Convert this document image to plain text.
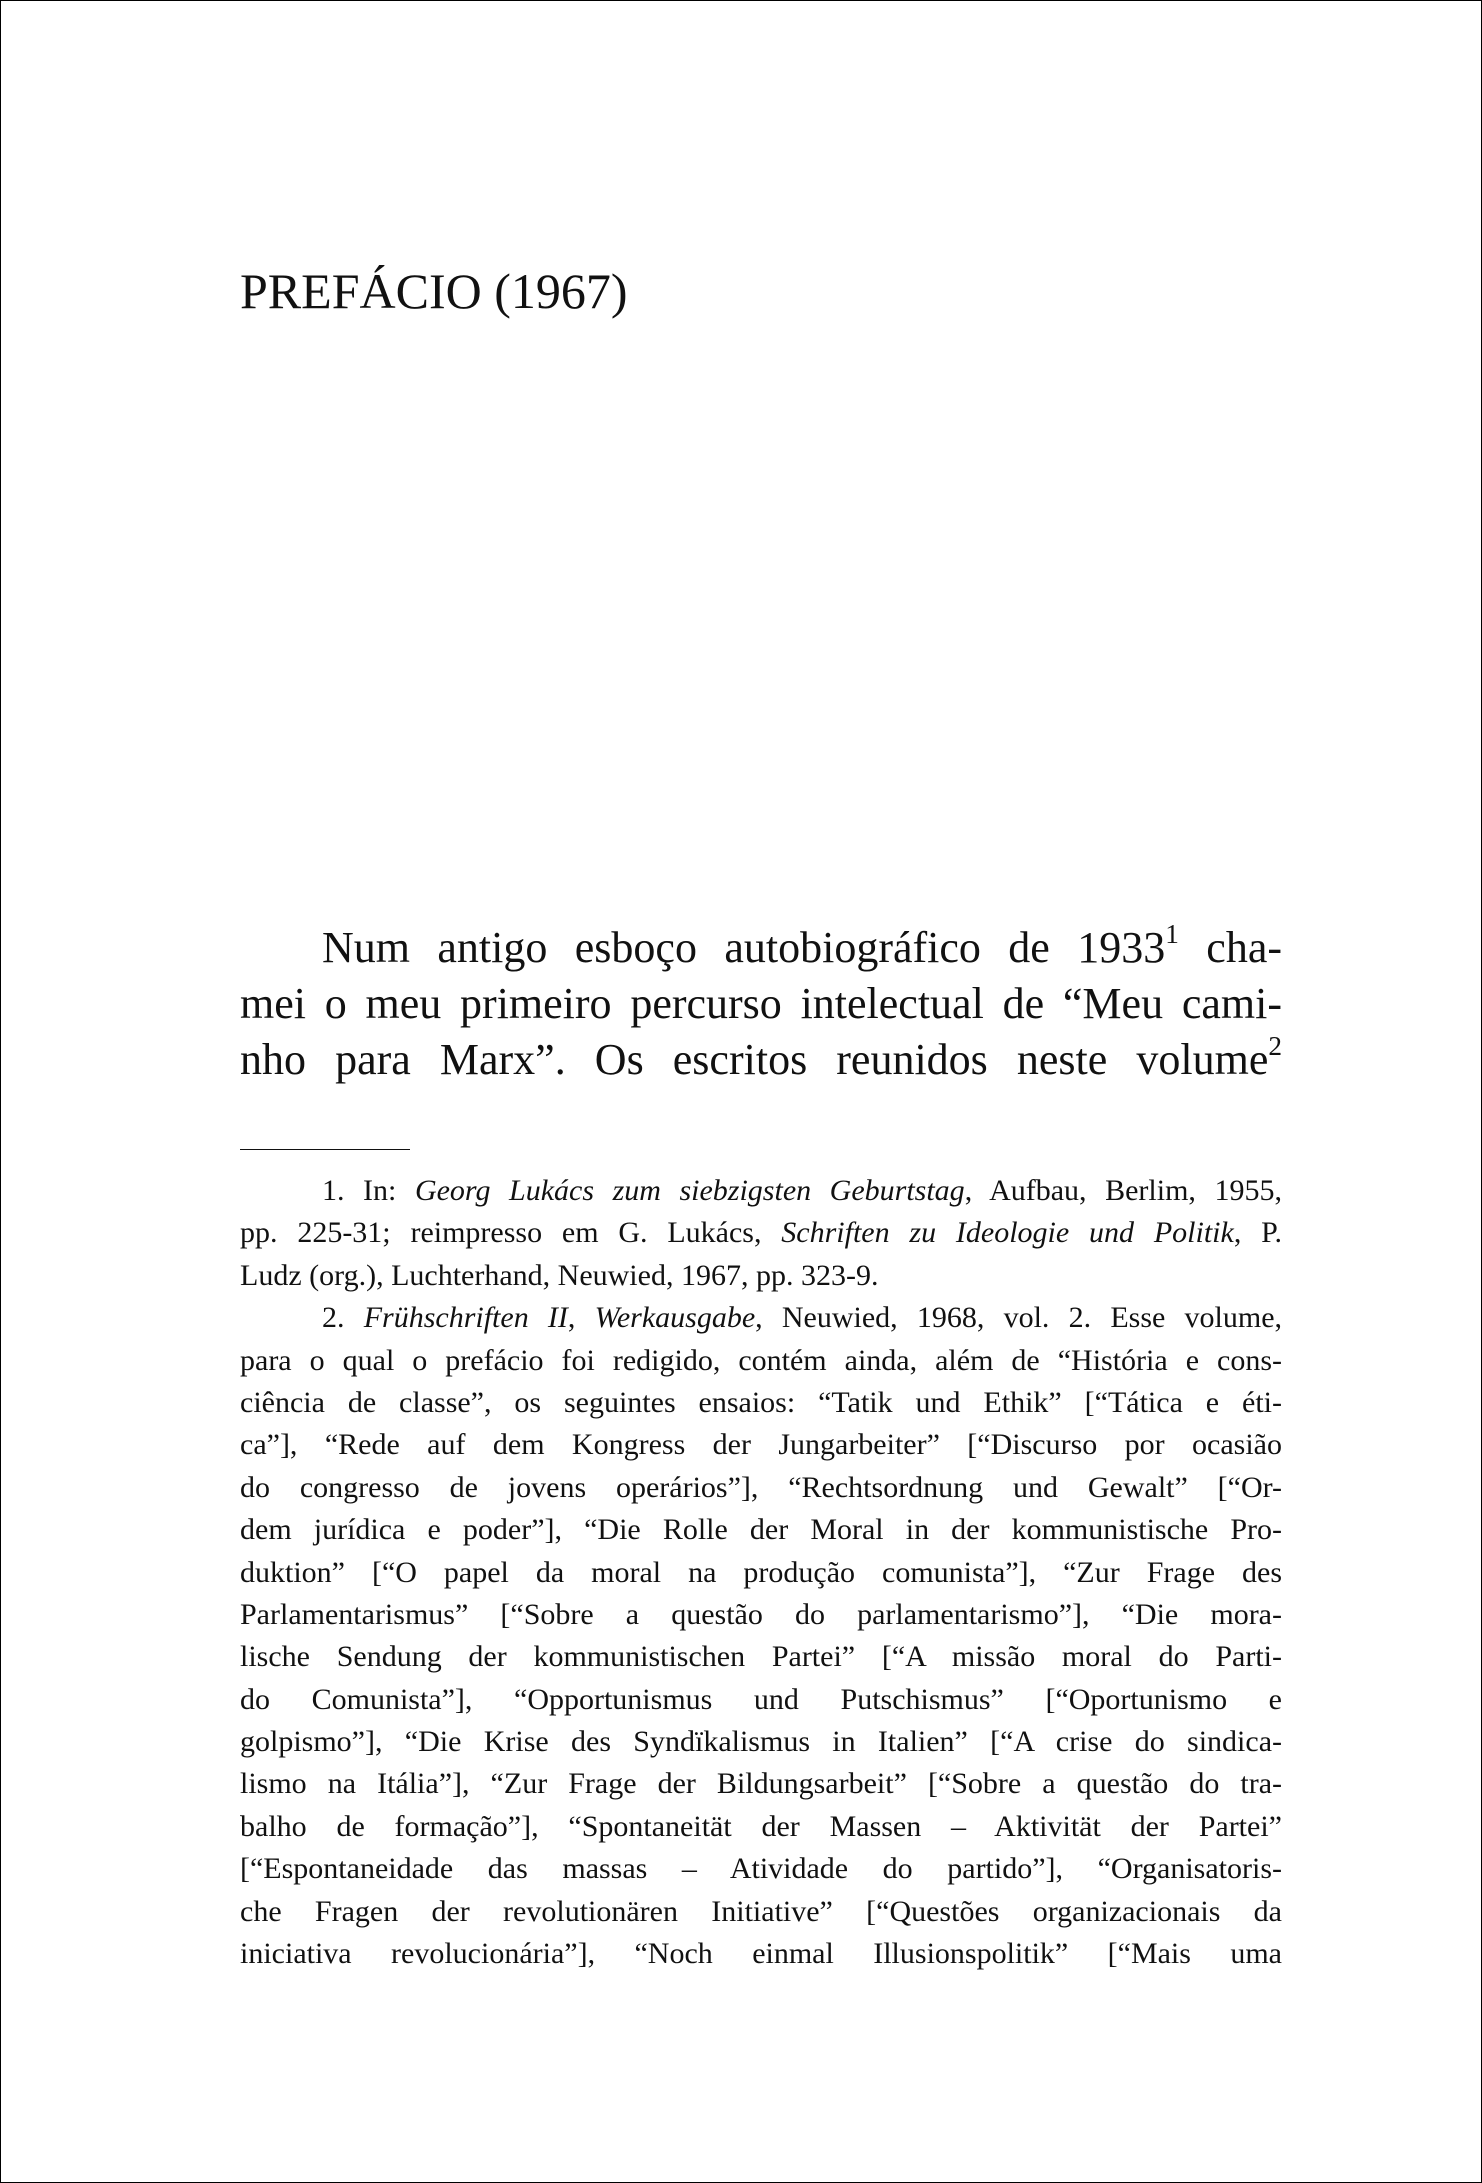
PREFÁCIO (1967)
Num antigo esboço autobiográfico de 1933$^1$ cha-
mei o meu primeiro percurso intelectual de “Meu cami-
nho para Marx”. Os escritos reunidos neste volume$^2$
1. In: Georg Lukács zum siebzigsten Geburtstag, Aufbau, Berlim, 1955,
pp. 225-31; reimpresso em G. Lukács, Schriften zu Ideologie und Politik, P.
Ludz (org.), Luchterhand, Neuwied, 1967, pp. 323-9.
2. Frühschriften II, Werkausgabe, Neuwied, 1968, vol. 2. Esse volume,
para o qual o prefácio foi redigido, contém ainda, além de “História e cons-
ciência de classe”, os seguintes ensaios: “Tatik und Ethik” [“Tática e éti-
ca”], “Rede auf dem Kongress der Jungarbeiter” [“Discurso por ocasião
do congresso de jovens operários”], “Rechtsordnung und Gewalt” [“Or-
dem jurídica e poder”], “Die Rolle der Moral in der kommunistische Pro-
duktion” [“O papel da moral na produção comunista”], “Zur Frage des
Parlamentarismus” [“Sobre a questão do parlamentarismo”], “Die mora-
lische Sendung der kommunistischen Partei” [“A missão moral do Parti-
do Comunista”], “Opportunismus und Putschismus” [“Oportunismo e
golpismo”], “Die Krise des Syndïkalismus in Italien” [“A crise do sindica-
lismo na Itália”], “Zur Frage der Bildungsarbeit” [“Sobre a questão do tra-
balho de formação”], “Spontaneität der Massen – Aktivität der Partei”
[“Espontaneidade das massas – Atividade do partido”], “Organisatoris-
che Fragen der revolutionären Initiative” [“Questões organizacionais da
iniciativa revolucionária”], “Noch einmal Illusionspolitik” [“Mais uma
